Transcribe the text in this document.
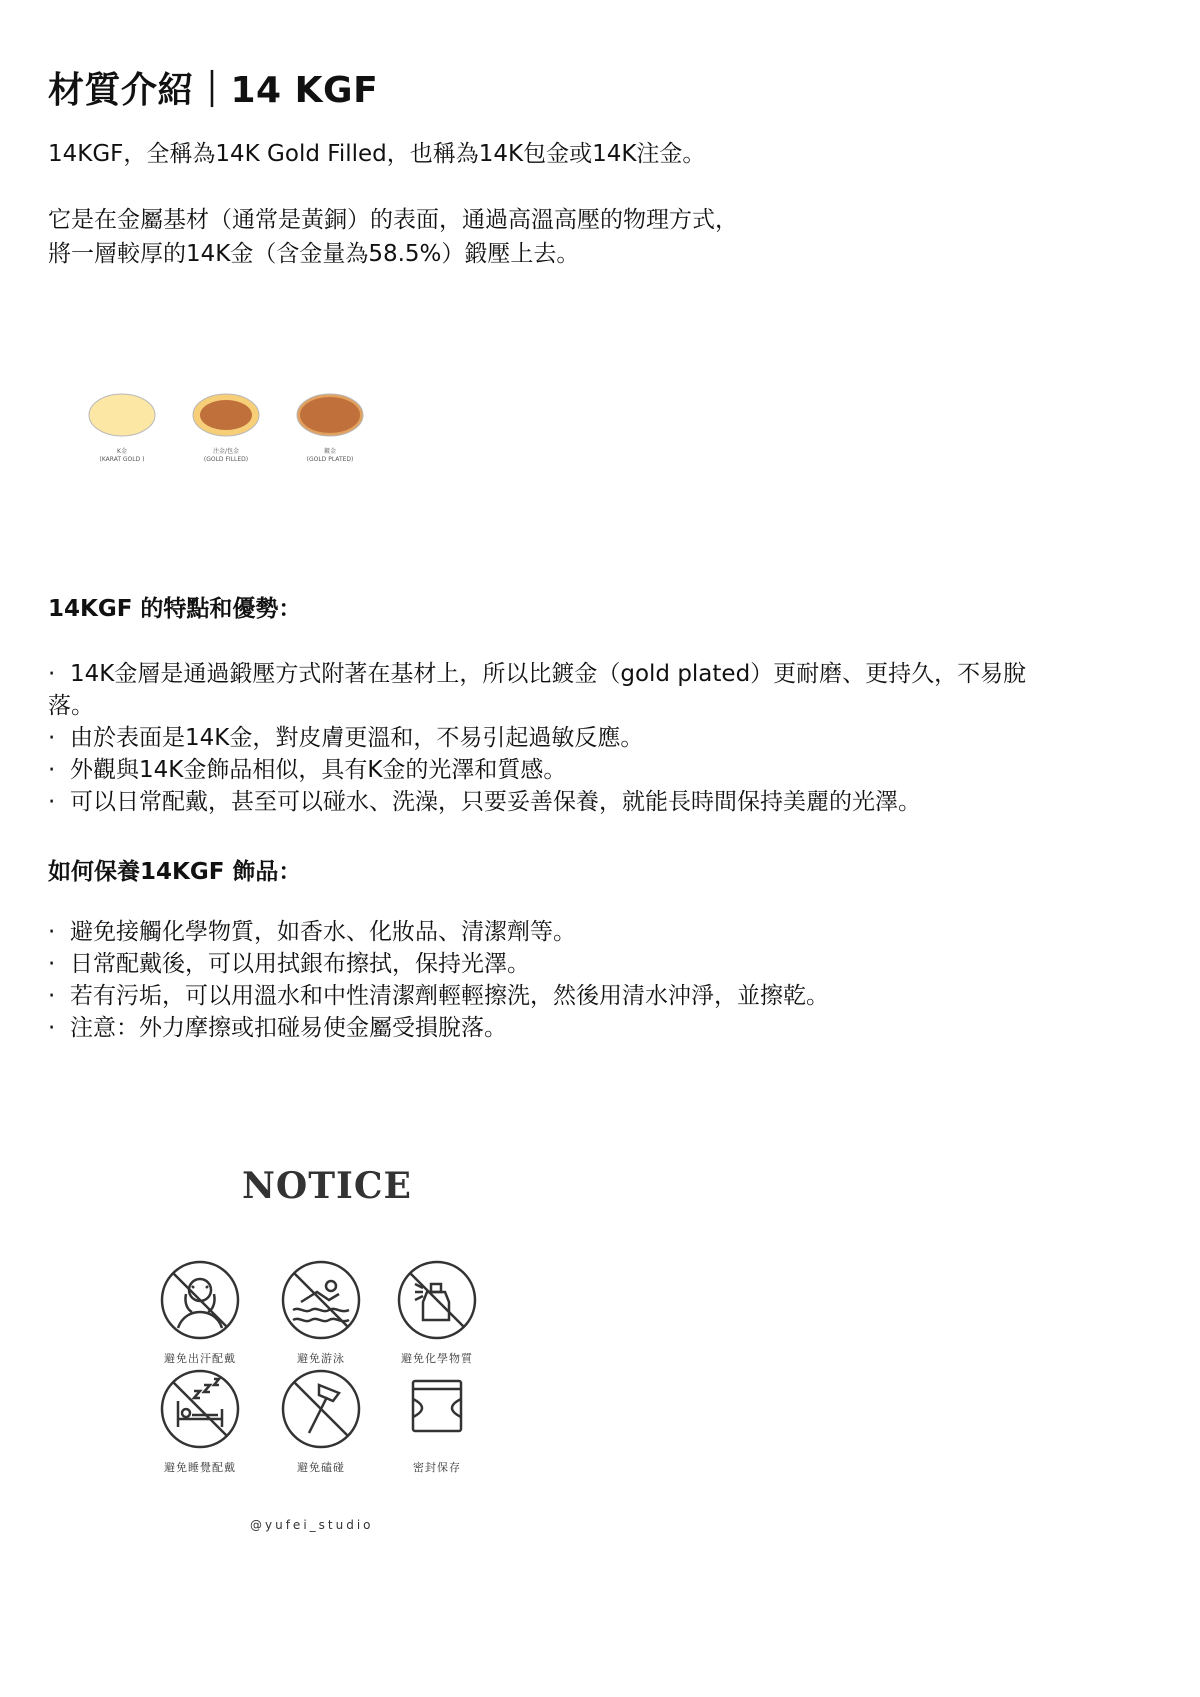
材質介紹｜14 KGF
14KGF，全稱為14K Gold Filled，也稱為14K包金或14K注金。
它是在金屬基材（通常是黃銅）的表面，通過高溫高壓的物理方式，
將一層較厚的14K金（含金量為58.5%）鍛壓上去。
K金
(KARAT GOLD )
注金/包金
(GOLD FILLED)
鍍金
(GOLD PLATED)
14KGF 的特點和優勢：
· 14K金層是通過鍛壓方式附著在基材上，所以比鍍金（gold plated）更耐磨、更持久，不易脫
落。
· 由於表面是14K金，對皮膚更溫和，不易引起過敏反應。
· 外觀與14K金飾品相似，具有K金的光澤和質感。
· 可以日常配戴，甚至可以碰水、洗澡，只要妥善保養，就能長時間保持美麗的光澤。
如何保養14KGF 飾品：
· 避免接觸化學物質，如香水、化妝品、清潔劑等。
· 日常配戴後，可以用拭銀布擦拭，保持光澤。
· 若有污垢，可以用溫水和中性清潔劑輕輕擦洗，然後用清水沖淨，並擦乾。
· 注意：外力摩擦或扣碰易使金屬受損脫落。
NOTICE
避免出汗配戴	避免游泳	避免化學物質
避免睡覺配戴	避免磕碰	密封保存
@yufei_studio
